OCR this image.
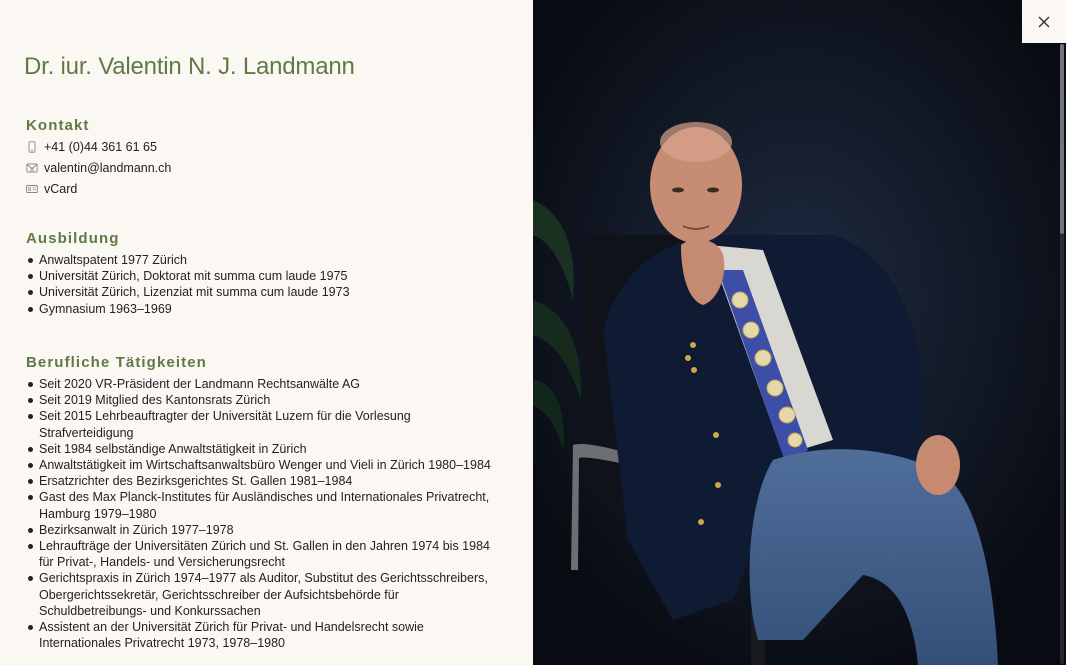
Dr. iur. Valentin N. J. Landmann
Kontakt
+41 (0)44 361 61 65
valentin@landmann.ch
vCard
Ausbildung
Anwaltspatent 1977 Zürich
Universität Zürich, Doktorat mit summa cum laude 1975
Universität Zürich, Lizenziat mit summa cum laude 1973
Gymnasium 1963–1969
Berufliche Tätigkeiten
Seit 2020 VR-Präsident der Landmann Rechtsanwälte AG
Seit 2019 Mitglied des Kantonsrats Zürich
Seit 2015 Lehrbeauftragter der Universität Luzern für die Vorlesung Strafverteidigung
Seit 1984 selbständige Anwaltstätigkeit in Zürich
Anwaltstätigkeit im Wirtschaftsanwaltsbüro Wenger und Vieli in Zürich 1980–1984
Ersatzrichter des Bezirksgerichtes St. Gallen 1981–1984
Gast des Max Planck-Institutes für Ausländisches und Internationales Privatrecht, Hamburg 1979–1980
Bezirksanwalt in Zürich 1977–1978
Lehraufträge der Universitäten Zürich und St. Gallen in den Jahren 1974 bis 1984 für Privat-, Handels- und Versicherungsrecht
Gerichtspraxis in Zürich 1974–1977 als Auditor, Substitut des Gerichtsschreibers, Obergerichtssekretär, Gerichtsschreiber der Aufsichtsbehörde für Schuldbetreibungs- und Konkurssachen
Assistent an der Universität Zürich für Privat- und Handelsrecht sowie Internationales Privatrecht 1973, 1978–1980
